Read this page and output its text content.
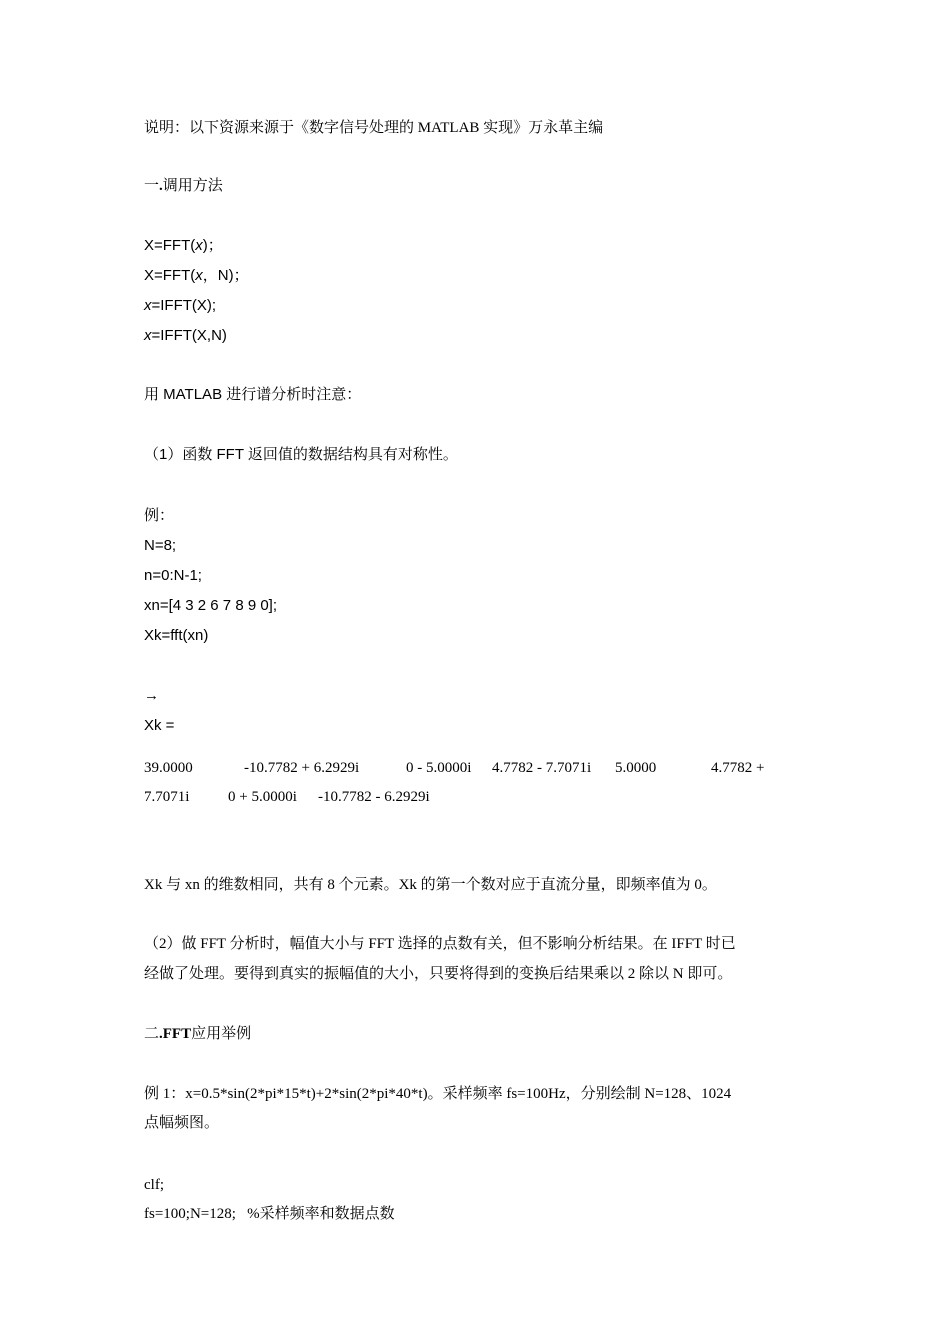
说明：以下资源来源于《数字信号处理的 MATLAB 实现》万永革主编
一.调用方法
X=FFT(x)；
X=FFT(x，N)；
x=IFFT(X);
x=IFFT(X,N)
用 MATLAB 进行谱分析时注意：
（1）函数 FFT 返回值的数据结构具有对称性。
例：
N=8;
n=0:N-1;
xn=[4 3 2 6 7 8 9 0];
Xk=fft(xn)
→
Xk =
39.0000	-10.7782 + 6.2929i	0 - 5.0000i 4.7782 - 7.7071i 5.0000	4.7782 +
7.7071i	0 + 5.0000i -10.7782 - 6.2929i
Xk 与 xn 的维数相同，共有 8 个元素。Xk 的第一个数对应于直流分量，即频率值为 0。
（2）做 FFT 分析时，幅值大小与 FFT 选择的点数有关，但不影响分析结果。在 IFFT 时已
经做了处理。要得到真实的振幅值的大小，只要将得到的变换后结果乘以 2 除以 N 即可。
二.FFT应用举例
例 1：x=0.5*sin(2*pi*15*t)+2*sin(2*pi*40*t)。采样频率 fs=100Hz，分别绘制 N=128、1024
点幅频图。
clf;
fs=100;N=128;   %采样频率和数据点数
